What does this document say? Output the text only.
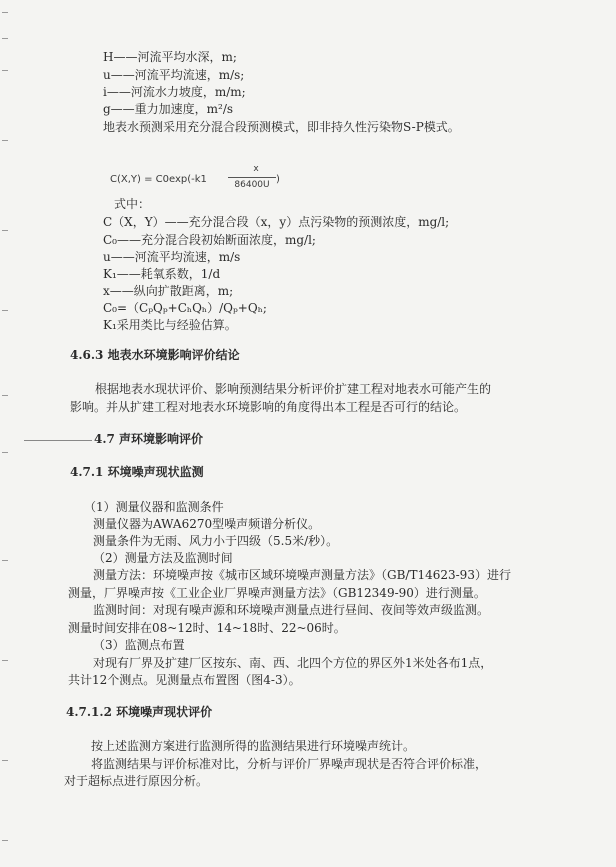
H——河流平均水深，m;
u——河流平均流速，m/s;
i——河流水力坡度，m/m;
g——重力加速度，m²/s
地表水预测采用充分混合段预测模式，即非持久性污染物S-P模式。
C(X,Y) = C0exp(-k1
x
86400U )
式中：
C（X，Y）——充分混合段（x，y）点污染物的预测浓度，mg/l;
C₀——充分混合段初始断面浓度，mg/l;
u——河流平均流速，m/s
K₁——耗氧系数，1/d
x——纵向扩散距离，m;
C₀=（CₚQₚ+CₕQₕ）/Qₚ+Qₕ;
K₁采用类比与经验估算。
4.6.3 地表水环境影响评价结论
根据地表水现状评价、影响预测结果分析评价扩建工程对地表水可能产生的
影响。并从扩建工程对地表水环境影响的角度得出本工程是否可行的结论。
4.7 声环境影响评价
4.7.1 环境噪声现状监测
（1）测量仪器和监测条件
测量仪器为AWA6270型噪声频谱分析仪。
测量条件为无雨、风力小于四级（5.5米/秒）。
（2）测量方法及监测时间
测量方法：环境噪声按《城市区域环境噪声测量方法》（GB/T14623-93）进行
测量，厂界噪声按《工业企业厂界噪声测量方法》（GB12349-90）进行测量。
监测时间：对现有噪声源和环境噪声测量点进行昼间、夜间等效声级监测。
测量时间安排在08~12时、14~18时、22~06时。
（3）监测点布置
对现有厂界及扩建厂区按东、南、西、北四个方位的界区外1米处各布1点，
共计12个测点。见测量点布置图（图4-3）。
4.7.1.2 环境噪声现状评价
按上述监测方案进行监测所得的监测结果进行环境噪声统计。
将监测结果与评价标准对比，分析与评价厂界噪声现状是否符合评价标准，
对于超标点进行原因分析。
